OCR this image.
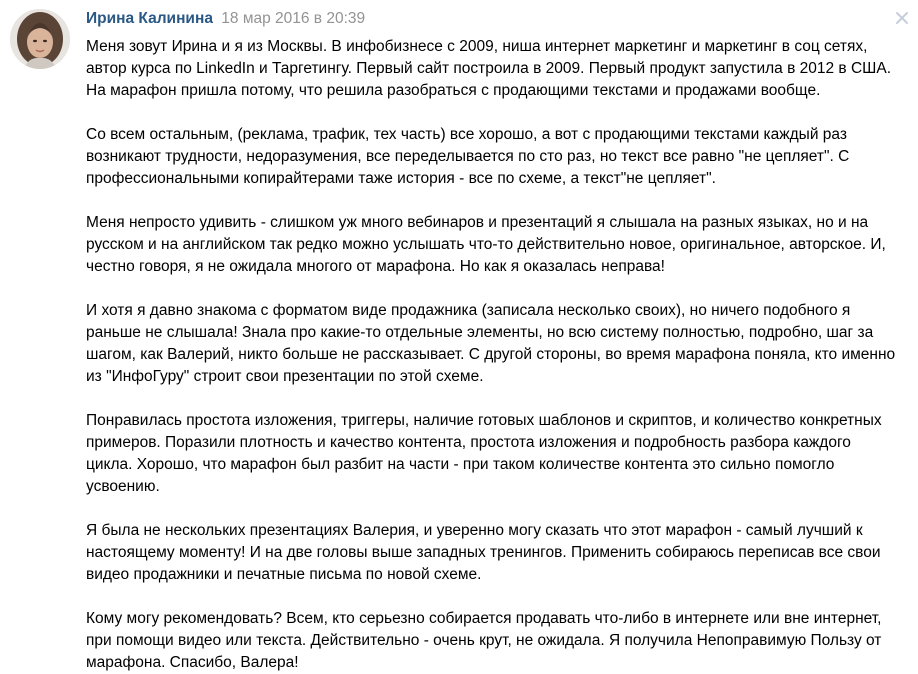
Ирина Калинина 18 мар 2016 в 20:39
Меня зовут Ирина и я из Москвы. В инфобизнесе с 2009, ниша интернет маркетинг и маркетинг в соц сетях,
автор курса по LinkedIn и Таргетингу. Первый сайт построила в 2009. Первый продукт запустила в 2012 в США.
На марафон пришла потому, что решила разобраться с продающими текстами и продажами вообще.
Со всем остальным, (реклама, трафик, тех часть) все хорошо, а вот с продающими текстами каждый раз
возникают трудности, недоразумения, все переделывается по сто раз, но текст все равно "не цепляет". С
профессиональными копирайтерами таже история - все по схеме, а текст"не цепляет".
Меня непросто удивить - слишком уж много вебинаров и презентаций я слышала на разных языках, но и на
русском и на английском так редко можно услышать что-то действительно новое, оригинальное, авторское. И,
честно говоря, я не ожидала многого от марафона. Но как я оказалась неправа!
И хотя я давно знакома с форматом виде продажника (записала несколько своих), но ничего подобного я
раньше не слышала! Знала про какие-то отдельные элементы, но всю систему полностью, подробно, шаг за
шагом, как Валерий, никто больше не рассказывает. С другой стороны, во время марафона поняла, кто именно
из "ИнфоГуру" строит свои презентации по этой схеме.
Понравилась простота изложения, триггеры, наличие готовых шаблонов и скриптов, и количество конкретных
примеров. Поразили плотность и качество контента, простота изложения и подробность разбора каждого
цикла. Хорошо, что марафон был разбит на части - при таком количестве контента это сильно помогло
усвоению.
Я была не нескольких презентациях Валерия, и уверенно могу сказать что этот марафон - самый лучший к
настоящему моменту! И на две головы выше западных тренингов. Применить собираюсь переписав все свои
видео продажники и печатные письма по новой схеме.
Кому могу рекомендовать? Всем, кто серьезно собирается продавать что-либо в интернете или вне интернет,
при помощи видео или текста. Действительно - очень крут, не ожидала. Я получила Непоправимую Пользу от
марафона. Спасибо, Валера!
